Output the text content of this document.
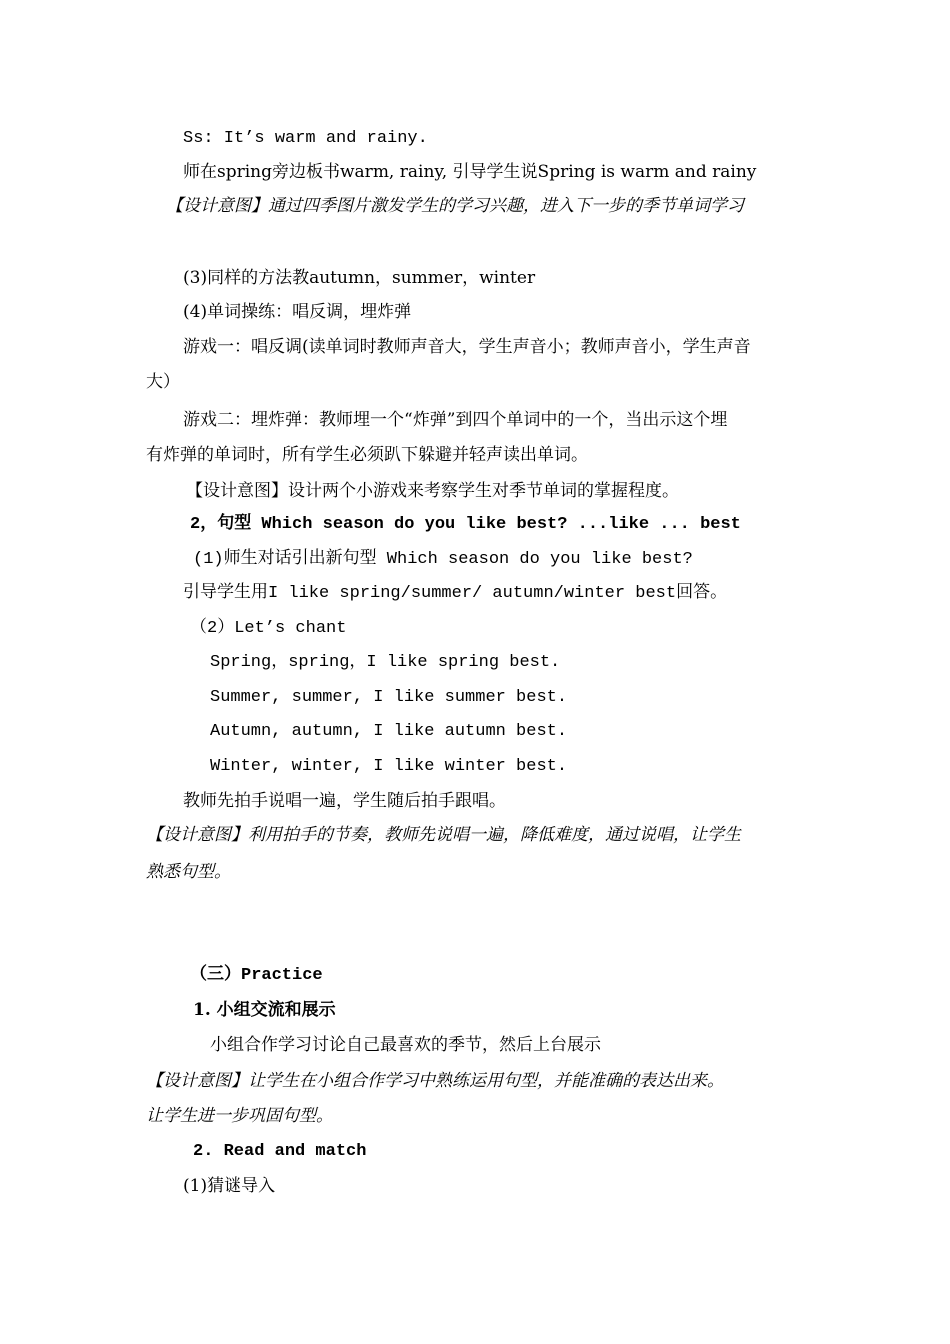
Ss: It’s warm and rainy.
师在spring旁边板书warm, rainy, 引导学生说Spring is warm and rainy
【设计意图】通过四季图片激发学生的学习兴趣，进入下一步的季节单词学习
(3)同样的方法教autumn，summer，winter
(4)单词操练：唱反调，埋炸弹
游戏一：唱反调(读单词时教师声音大，学生声音小；教师声音小，学生声音
大）
游戏二：埋炸弹：教师埋一个“炸弹”到四个单词中的一个，当出示这个埋
有炸弹的单词时，所有学生必须趴下躲避并轻声读出单词。
【设计意图】设计两个小游戏来考察学生对季节单词的掌握程度。
2，句型 Which season do you like best? ...like ... best
(1)师生对话引出新句型 Which season do you like best?
引导学生用I like spring/summer/ autumn/winter best回答。
（2）Let’s chant
Spring，spring，I like spring best.
Summer, summer, I like summer best.
Autumn, autumn, I like autumn best.
Winter, winter, I like winter best.
教师先拍手说唱一遍，学生随后拍手跟唱。
【设计意图】利用拍手的节奏，教师先说唱一遍，降低难度，通过说唱，让学生
熟悉句型。
（三）Practice
1. 小组交流和展示
小组合作学习讨论自己最喜欢的季节，然后上台展示
【设计意图】让学生在小组合作学习中熟练运用句型，并能准确的表达出来。
让学生进一步巩固句型。
2. Read and match
(1)猜谜导入
